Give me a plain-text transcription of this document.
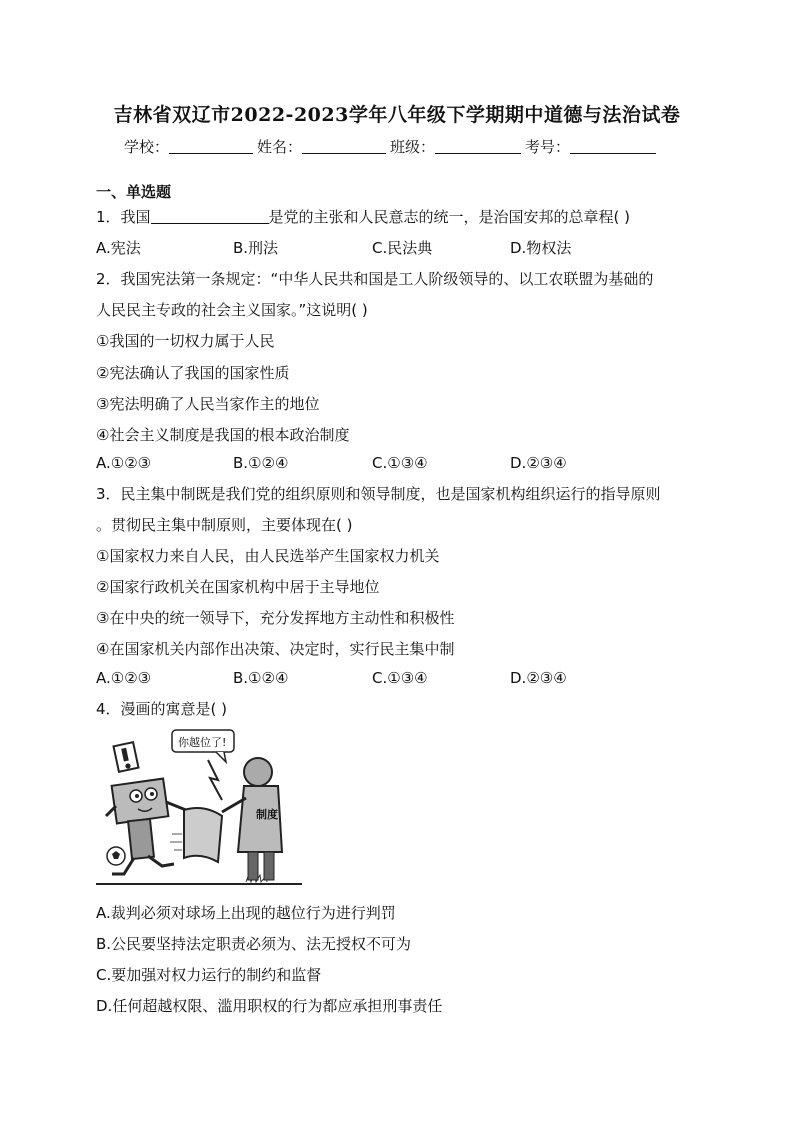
吉林省双辽市2022-2023学年八年级下学期期中道德与法治试卷
学校：	姓名：	班级：	考号：
一、单选题
1．我国	是党的主张和人民意志的统一，是治国安邦的总章程( )
A.宪法	B.刑法	C.民法典	D.物权法
2．我国宪法第一条规定：“中华人民共和国是工人阶级领导的、以工农联盟为基础的
人民民主专政的社会主义国家。”这说明( )
①我国的一切权力属于人民
②宪法确认了我国的国家性质
③宪法明确了人民当家作主的地位
④社会主义制度是我国的根本政治制度
A.①②③	B.①②④	C.①③④	D.②③④
3．民主集中制既是我们党的组织原则和领导制度，也是国家机构组织运行的指导原则
。贯彻民主集中制原则，主要体现在( )
①国家权力来自人民，由人民选举产生国家权力机关
②国家行政机关在国家机构中居于主导地位
③在中央的统一领导下，充分发挥地方主动性和积极性
④在国家机关内部作出决策、决定时，实行民主集中制
A.①②③	B.①②④	C.①③④	D.②③④
4．漫画的寓意是( )
制度
你越位了!
A.裁判必须对球场上出现的越位行为进行判罚
B.公民要坚持法定职责必须为、法无授权不可为
C.要加强对权力运行的制约和监督
D.任何超越权限、滥用职权的行为都应承担刑事责任
